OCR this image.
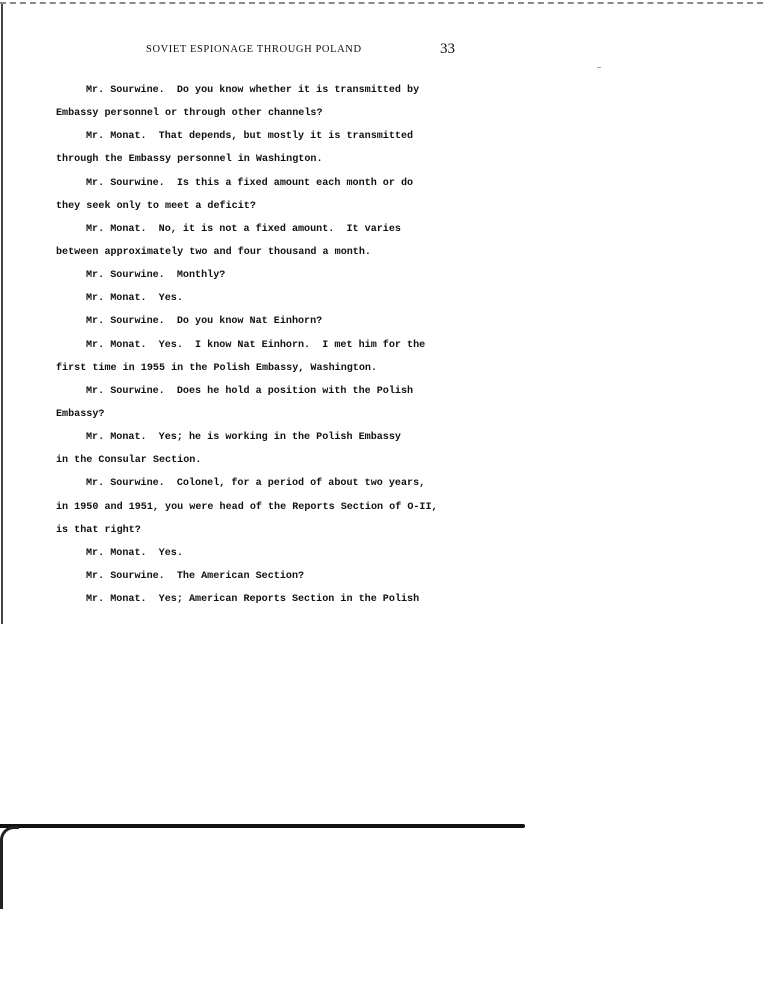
˜
SOVIET ESPIONAGE THROUGH POLAND	33
Mr. Sourwine.  Do you know whether it is transmitted by
Embassy personnel or through other channels?
Mr. Monat.  That depends, but mostly it is transmitted
through the Embassy personnel in Washington.
Mr. Sourwine.  Is this a fixed amount each month or do
they seek only to meet a deficit?
Mr. Monat.  No, it is not a fixed amount.  It varies
between approximately two and four thousand a month.
Mr. Sourwine.  Monthly?
Mr. Monat.  Yes.
Mr. Sourwine.  Do you know Nat Einhorn?
Mr. Monat.  Yes.  I know Nat Einhorn.  I met him for the
first time in 1955 in the Polish Embassy, Washington.
Mr. Sourwine.  Does he hold a position with the Polish
Embassy?
Mr. Monat.  Yes; he is working in the Polish Embassy
in the Consular Section.
Mr. Sourwine.  Colonel, for a period of about two years,
in 1950 and 1951, you were head of the Reports Section of O-II,
is that right?
Mr. Monat.  Yes.
Mr. Sourwine.  The American Section?
Mr. Monat.  Yes; American Reports Section in the Polish
